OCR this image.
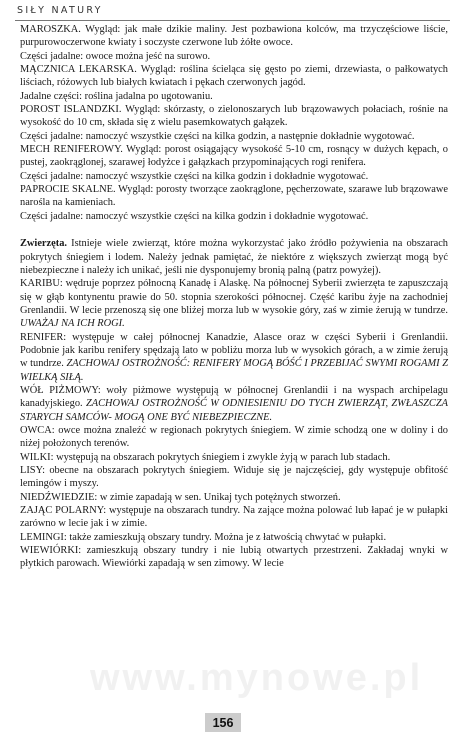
SIŁY NATURY

MAROSZKA. Wygląd: jak małe dzikie maliny. Jest pozbawiona kolców, ma trzyczęściowe liście, purpurowoczerwone kwiaty i soczyste czerwone lub żółte owoce.

Części jadalne: owoce można jeść na surowo.

MĄCZNICA LEKARSKA. Wygląd: roślina ścieląca się gęsto po ziemi, drzewiasta, o pałkowatych liściach, różowych lub białych kwiatach i pękach czerwonych jagód.

Jadalne części: roślina jadalna po ugotowaniu.

POROST ISLANDZKI. Wygląd: skórzasty, o zielonoszarych lub brązowawych połaciach, rośnie na wysokość do 10 cm, składa się z wielu pasemkowatych gałązek.

Części jadalne: namoczyć wszystkie części na kilka godzin, a następnie dokładnie wygotować.

MECH RENIFEROWY. Wygląd: porost osiągający wysokość 5-10 cm, rosnący w dużych kępach, o pustej, zaokrąglonej, szarawej łodyżce i gałązkach przypominających rogi renifera.

Części jadalne: namoczyć wszystkie części na kilka godzin i dokładnie wygotować.

PAPROCIE SKALNE. Wygląd: porosty tworzące zaokrąglone, pęcherzowate, szarawe lub brązowawe narośla na kamieniach.

Części jadalne: namoczyć wszystkie części na kilka godzin i dokładnie wygotować.

Zwierzęta. Istnieje wiele zwierząt, które można wykorzystać jako źródło pożywienia na obszarach pokrytych śniegiem i lodem. Należy jednak pamiętać, że niektóre z większych zwierząt mogą być niebezpieczne i należy ich unikać, jeśli nie dysponujemy bronią palną (patrz powyżej).

KARIBU: wędruje poprzez północną Kanadę i Alaskę. Na północnej Syberii zwierzęta te zapuszczają się w głąb kontynentu prawie do 50. stopnia szerokości północnej. Część karibu żyje na zachodniej Grenlandii. W lecie przenoszą się one bliżej morza lub w wysokie góry, zaś w zimie żerują w tundrze. UWAŻAJ NA ICH ROGI.

RENIFER: występuje w całej północnej Kanadzie, Alasce oraz w części Syberii i Grenlandii. Podobnie jak karibu renifery spędzają lato w pobliżu morza lub w wysokich górach, a w zimie żerują w tundrze. ZACHOWAJ OSTROŻNOŚĆ: RENIFERY MOGĄ BÓŚĆ I PRZEBIJAĆ SWYMI ROGAMI Z WIELKĄ SIŁĄ.

WÓŁ PIŻMOWY: woły piżmowe występują w północnej Grenlandii i na wyspach archipelagu kanadyjskiego. ZACHOWAJ OSTROŻNOŚĆ W ODNIESIENIU DO TYCH ZWIERZĄT, ZWŁASZCZA STARYCH SAMCÓW- MOGĄ ONE BYĆ NIEBEZPIECZNE.

OWCA: owce można znaleźć w regionach pokrytych śniegiem. W zimie schodzą one w doliny i do niżej położonych terenów.

WILKI: występują na obszarach pokrytych śniegiem i zwykle żyją w parach lub stadach.

LISY: obecne na obszarach pokrytych śniegiem. Widuje się je najczęściej, gdy występuje obfitość lemingów i myszy.

NIEDŹWIEDZIE: w zimie zapadają w sen. Unikaj tych potężnych stworzeń.

ZAJĄC POLARNY: występuje na obszarach tundry. Na zające można polować lub łapać je w pułapki zarówno w lecie jak i w zimie.

LEMINGI: także zamieszkują obszary tundry. Można je z łatwością chwytać w pułapki.

WIEWIÓRKI: zamieszkują obszary tundry i nie lubią otwartych przestrzeni. Zakładaj wnyki w płytkich parowach. Wiewiórki zapadają w sen zimowy. W lecie

www.mynowe.pl
156
